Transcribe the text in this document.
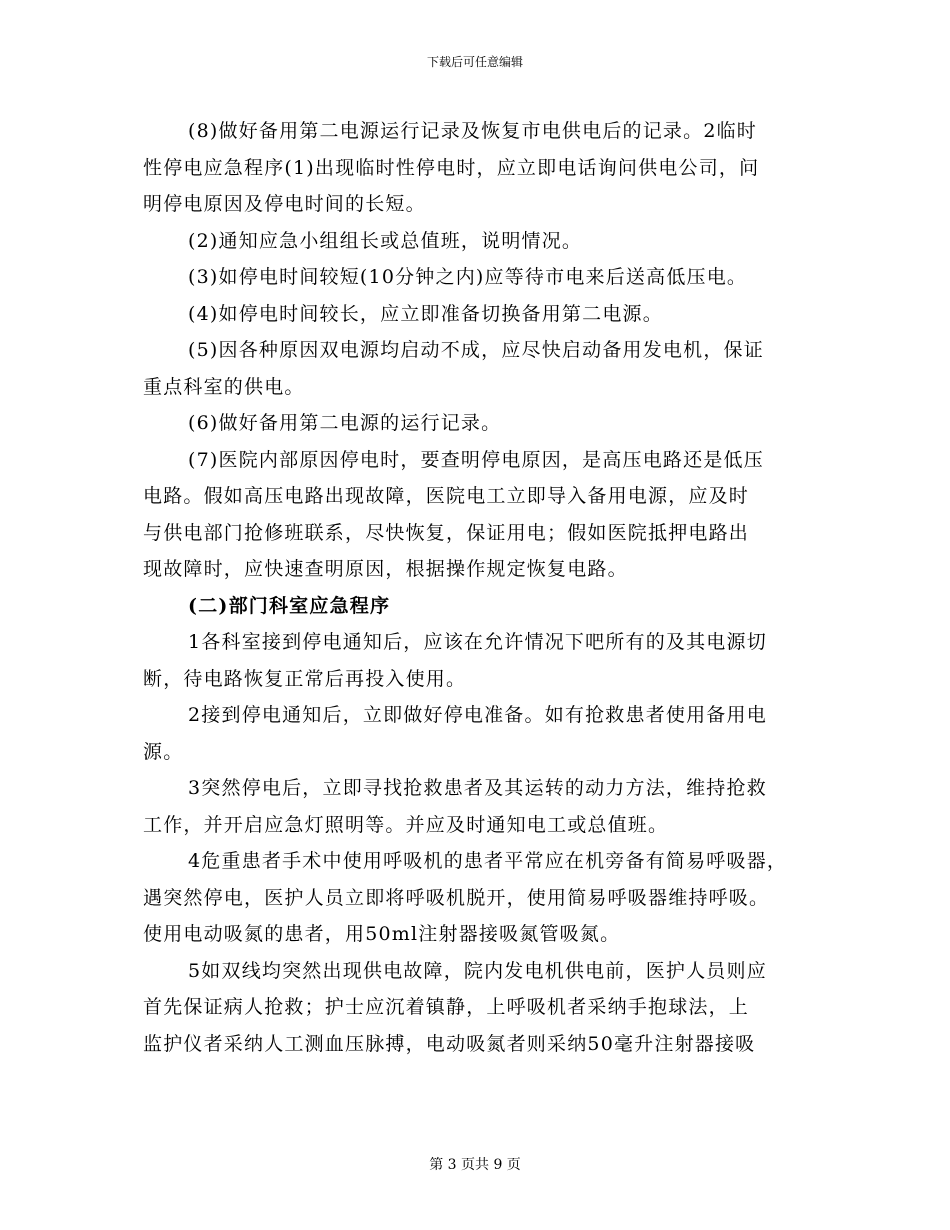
下载后可任意编辑
(8)做好备用第二电源运行记录及恢复市电供电后的记录。2临时
性停电应急程序(1)出现临时性停电时，应立即电话询问供电公司，问
明停电原因及停电时间的长短。
(2)通知应急小组组长或总值班，说明情况。
(3)如停电时间较短(10分钟之内)应等待市电来后送高低压电。
(4)如停电时间较长，应立即准备切换备用第二电源。
(5)因各种原因双电源均启动不成，应尽快启动备用发电机，保证
重点科室的供电。
(6)做好备用第二电源的运行记录。
(7)医院内部原因停电时，要查明停电原因，是高压电路还是低压
电路。假如高压电路出现故障，医院电工立即导入备用电源，应及时
与供电部门抢修班联系，尽快恢复，保证用电；假如医院抵押电路出
现故障时，应快速查明原因，根据操作规定恢复电路。
(二)部门科室应急程序
1各科室接到停电通知后，应该在允许情况下吧所有的及其电源切
断，待电路恢复正常后再投入使用。
2接到停电通知后，立即做好停电准备。如有抢救患者使用备用电
源。
3突然停电后，立即寻找抢救患者及其运转的动力方法，维持抢救
工作，并开启应急灯照明等。并应及时通知电工或总值班。
4危重患者手术中使用呼吸机的患者平常应在机旁备有简易呼吸器，
遇突然停电，医护人员立即将呼吸机脱开，使用简易呼吸器维持呼吸。
使用电动吸氮的患者，用50ml注射器接吸氮管吸氮。
5如双线均突然出现供电故障，院内发电机供电前，医护人员则应
首先保证病人抢救；护士应沉着镇静，上呼吸机者采纳手抱球法，上
监护仪者采纳人工测血压脉搏，电动吸氮者则采纳50毫升注射器接吸
第 3 页共 9 页
